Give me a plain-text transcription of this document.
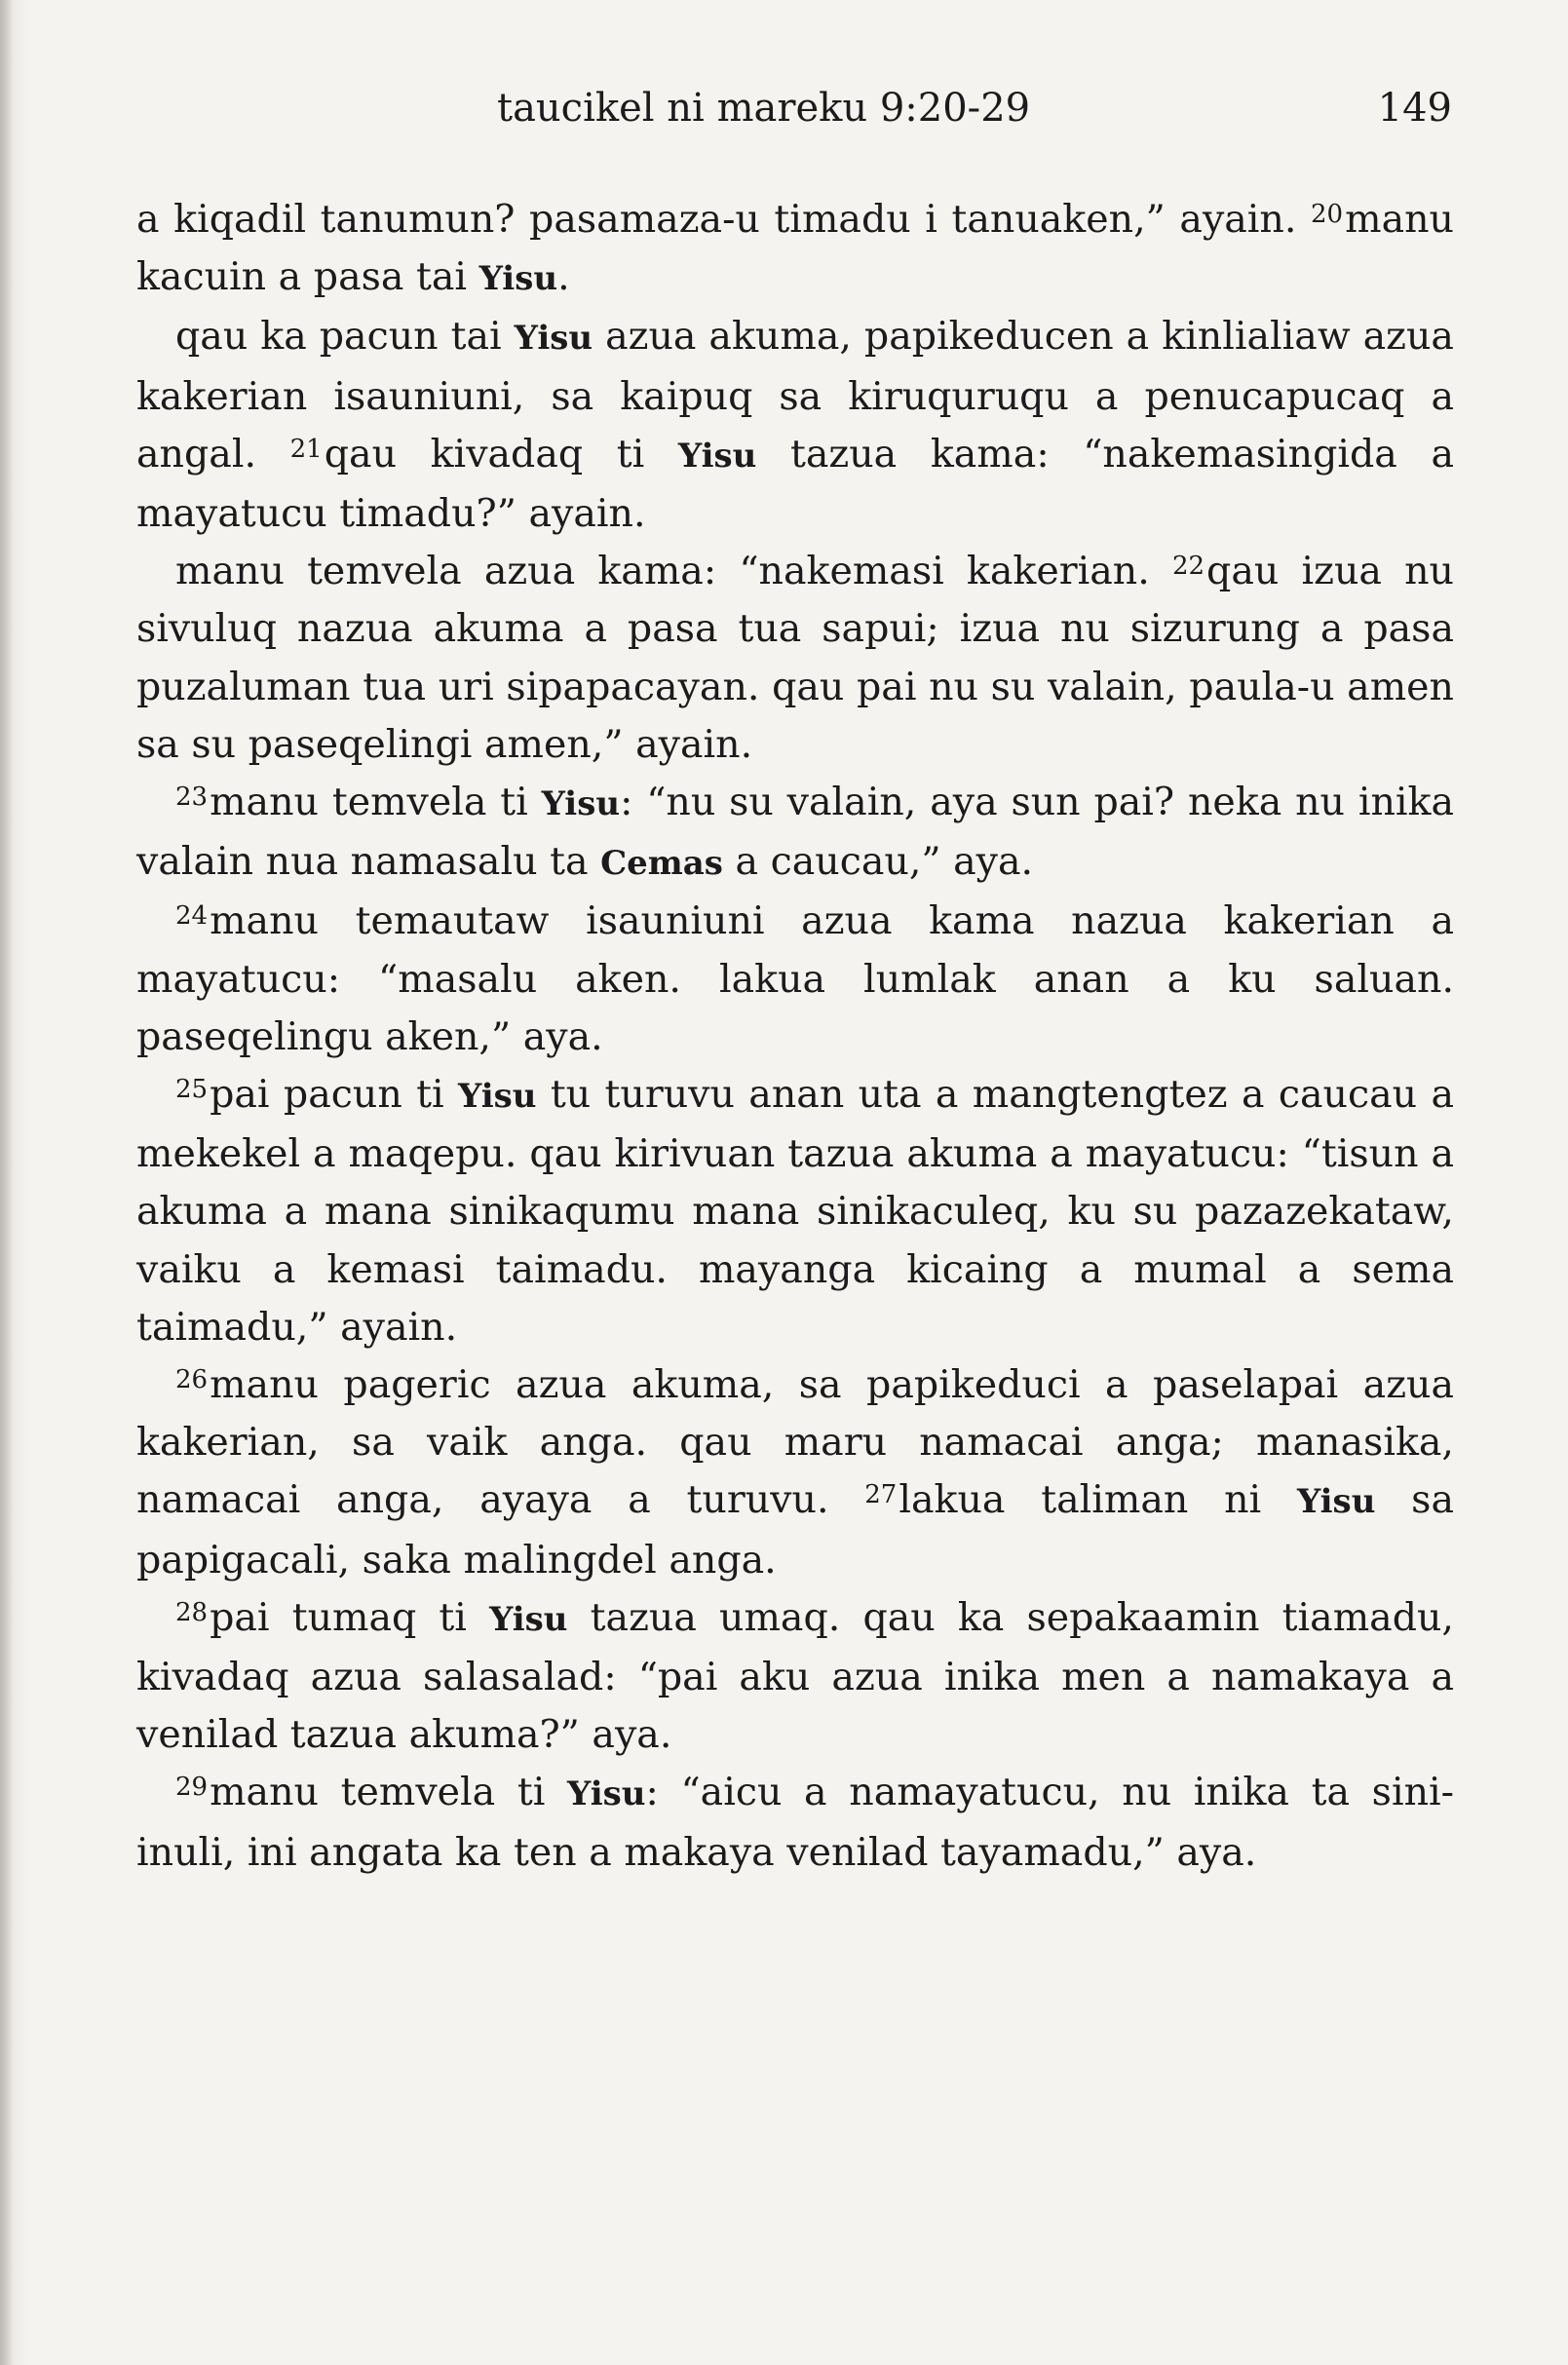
taucikel ni mareku 9:20-29	149

a kiqadil tanumun? pasamaza-u timadu i tanuaken,” ayain. $^{20}$manu kacuin a pasa tai Yisu.

qau ka pacun tai Yisu azua akuma, papikeducen a kinlialiaw azua kakerian isauniuni, sa kaipuq sa kiruquruqu a penucapucaq a angal. $^{21}$qau kivadaq ti Yisu tazua kama: “nakemasingida a mayatucu timadu?” ayain.

manu temvela azua kama: “nakemasi kakerian. $^{22}$qau izua nu sivuluq nazua akuma a pasa tua sapui; izua nu sizurung a pasa puzaluman tua uri sipapacayan. qau pai nu su valain, paula-u amen sa su paseqelingi amen,” ayain.

$^{23}$manu temvela ti Yisu: “nu su valain, aya sun pai? neka nu inika valain nua namasalu ta Cemas a caucau,” aya.

$^{24}$manu temautaw isauniuni azua kama nazua kakerian a mayatucu: “masalu aken. lakua lumlak anan a ku saluan. paseqelingu aken,” aya.

$^{25}$pai pacun ti Yisu tu turuvu anan uta a mangtengtez a caucau a mekekel a maqepu. qau kirivuan tazua akuma a mayatucu: “tisun a akuma a mana sinikaqumu mana sinikaculeq, ku su pazazekataw, vaiku a kemasi taimadu. mayanga kicaing a mumal a sema taimadu,” ayain.

$^{26}$manu pageric azua akuma, sa papikeduci a paselapai azua kakerian, sa vaik anga. qau maru namacai anga; manasika, namacai anga, ayaya a turuvu. $^{27}$lakua taliman ni Yisu sa papigacali, saka malingdel anga.

$^{28}$pai tumaq ti Yisu tazua umaq. qau ka sepakaamin tiamadu, kivadaq azua salasalad: “pai aku azua inika men a namakaya a venilad tazua akuma?” aya.

$^{29}$manu temvela ti Yisu: “aicu a namayatucu, nu inika ta sini-inuli, ini angata ka ten a makaya venilad tayamadu,” aya.
